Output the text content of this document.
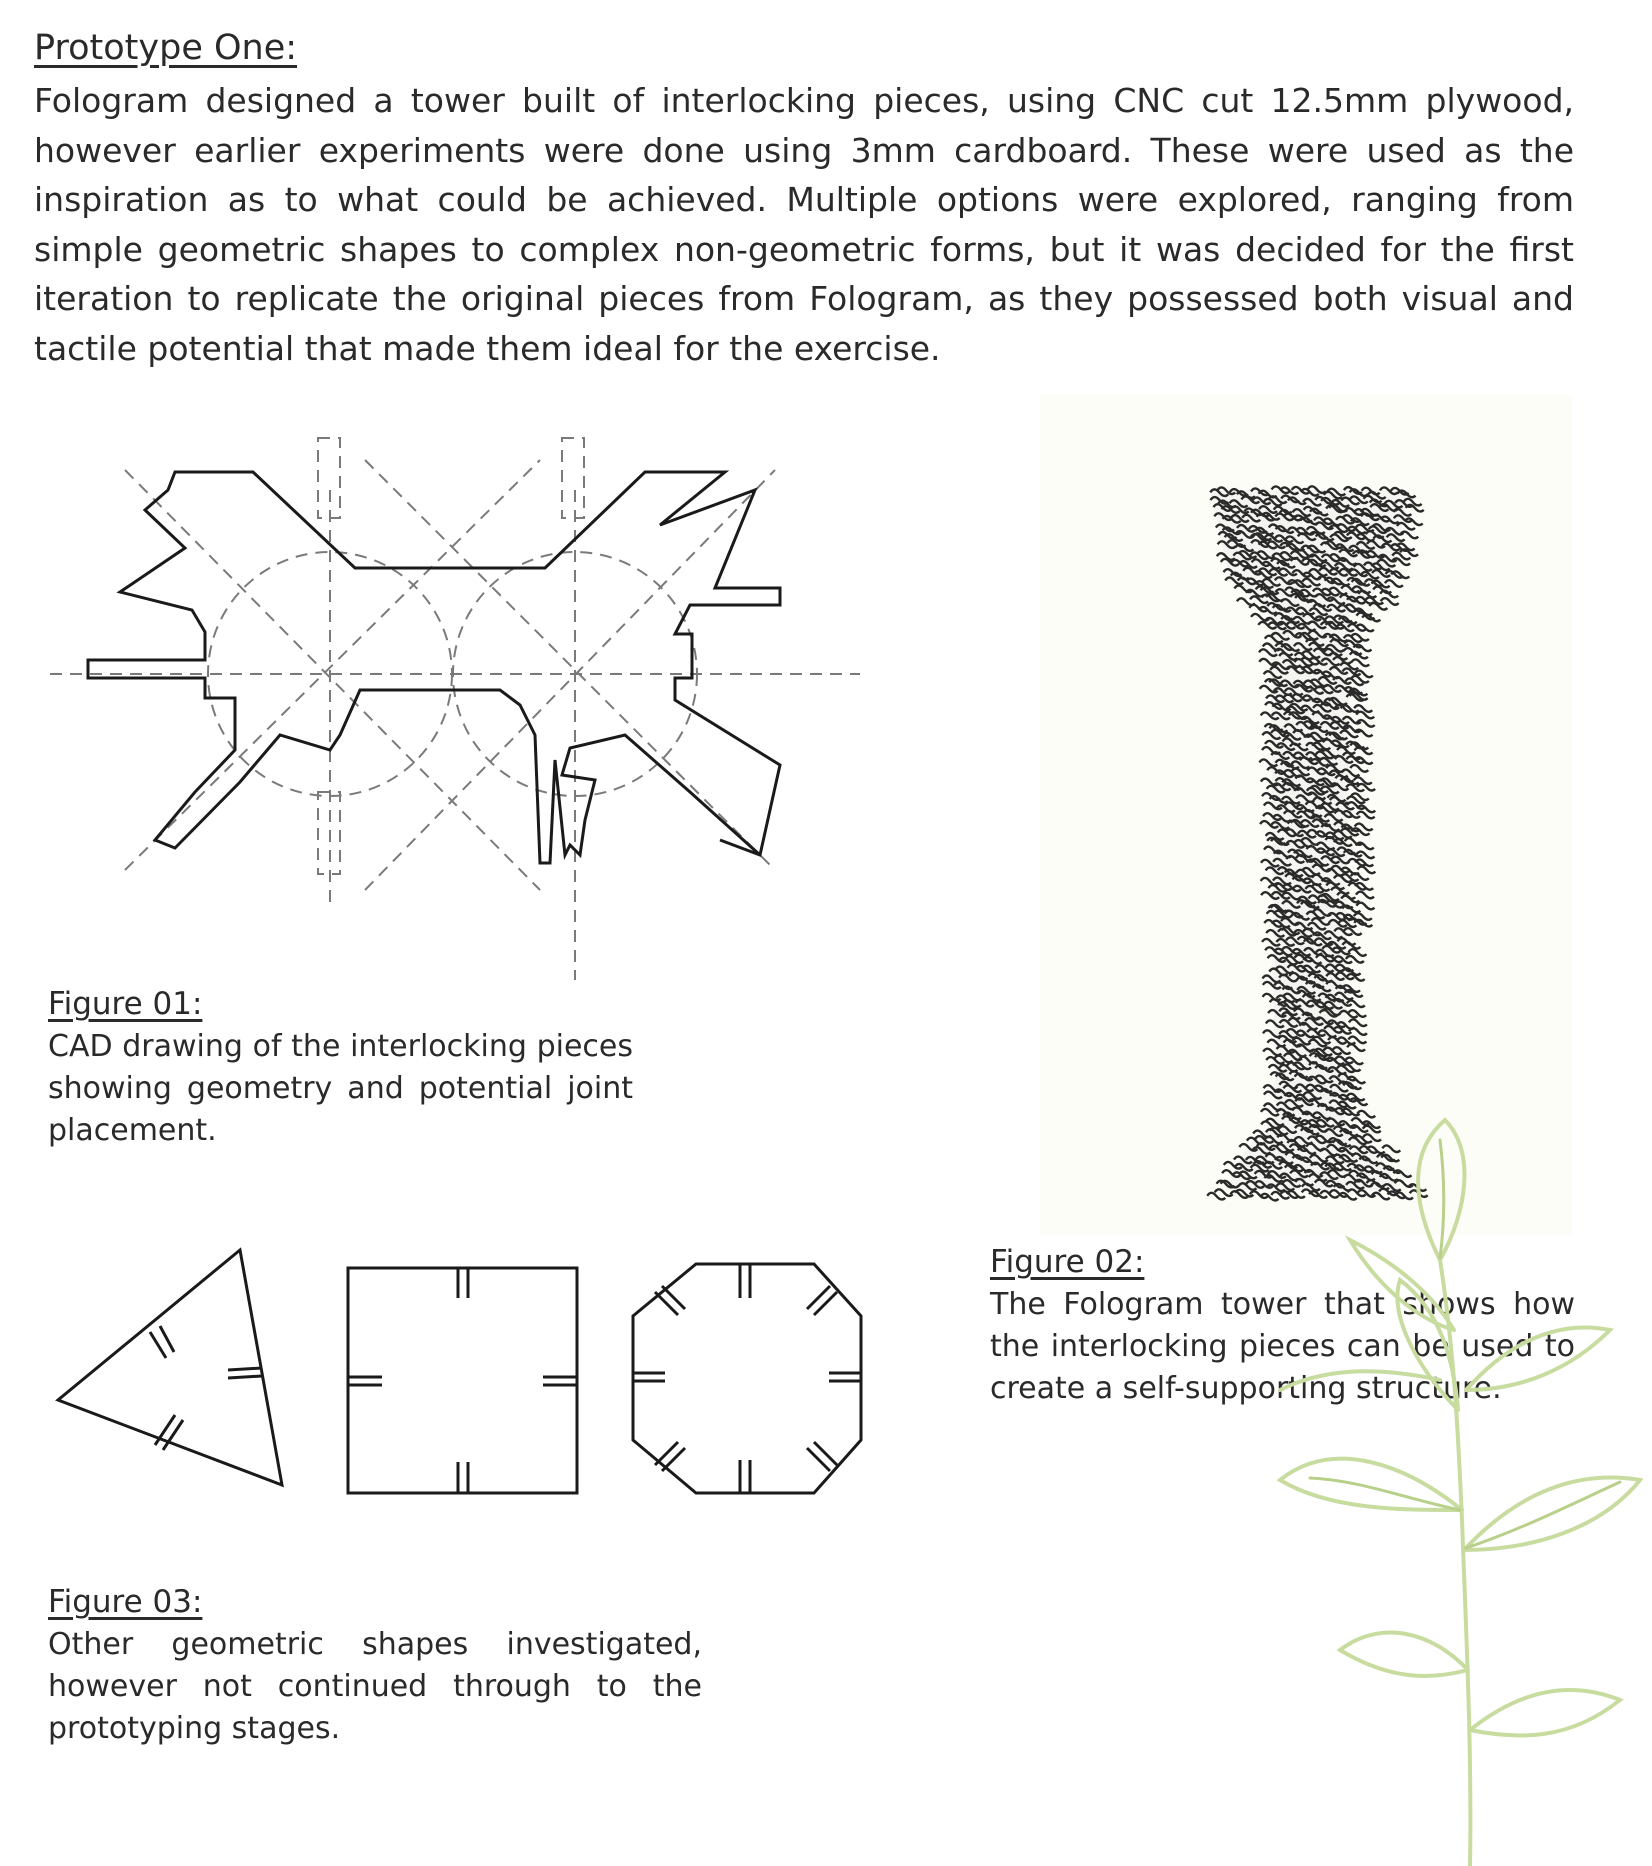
Prototype One:

Fologram designed a tower built of interlocking pieces, using CNC cut 12.5mm plywood, however earlier experiments were done using 3mm cardboard. These were used as the inspiration as to what could be achieved. Multiple options were explored, ranging from simple geometric shapes to complex non-geometric forms, but it was decided for the first iteration to replicate the original pieces from Fologram, as they possessed both visual and tactile potential that made them ideal for the exercise.

Figure 01:
CAD drawing of the interlocking pieces showing geometry and potential joint placement.
Figure 02:
The Fologram tower that shows how the interlocking pieces can be used to create a self-supporting structure.
Figure 03:
Other geometric shapes investigated, however not continued through to the prototyping stages.
